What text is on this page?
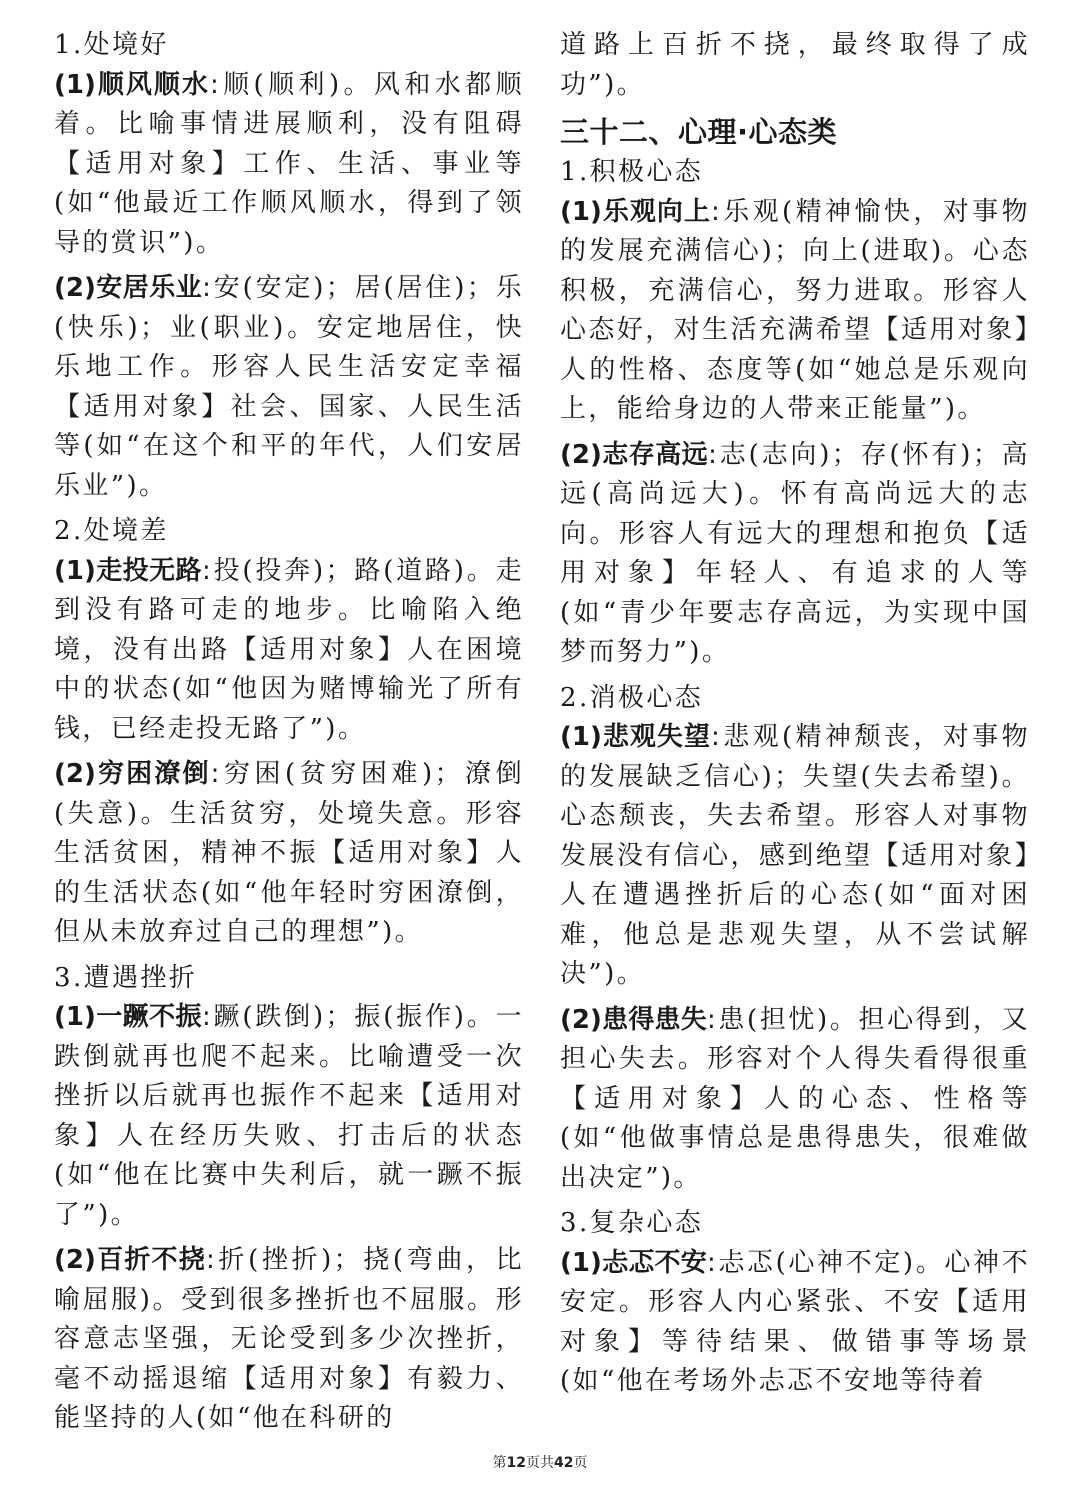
1.处境好

(1)顺风顺水:顺(顺利)。风和水都顺着。比喻事情进展顺利，没有阻碍【适用对象】工作、生活、事业等(如“他最近工作顺风顺水，得到了领导的赏识”)。

(2)安居乐业:安(安定)；居(居住)；乐(快乐)；业(职业)。安定地居住，快乐地工作。形容人民生活安定幸福【适用对象】社会、国家、人民生活等(如“在这个和平的年代，人们安居乐业”)。

2.处境差

(1)走投无路:投(投奔)；路(道路)。走到没有路可走的地步。比喻陷入绝境，没有出路【适用对象】人在困境中的状态(如“他因为赌博输光了所有钱，已经走投无路了”)。

(2)穷困潦倒:穷困(贫穷困难)；潦倒(失意)。生活贫穷，处境失意。形容生活贫困，精神不振【适用对象】人的生活状态(如“他年轻时穷困潦倒，但从未放弃过自己的理想”)。

3.遭遇挫折

(1)一蹶不振:蹶(跌倒)；振(振作)。一跌倒就再也爬不起来。比喻遭受一次挫折以后就再也振作不起来【适用对象】人在经历失败、打击后的状态(如“他在比赛中失利后，就一蹶不振了”)。

(2)百折不挠:折(挫折)；挠(弯曲，比喻屈服)。受到很多挫折也不屈服。形容意志坚强，无论受到多少次挫折，毫不动摇退缩【适用对象】有毅力、能坚持的人(如“他在科研的

道路上百折不挠，最终取得了成功”)。

三十二、心理·心态类

1.积极心态

(1)乐观向上:乐观(精神愉快，对事物的发展充满信心)；向上(进取)。心态积极，充满信心，努力进取。形容人心态好，对生活充满希望【适用对象】人的性格、态度等(如“她总是乐观向上，能给身边的人带来正能量”)。

(2)志存高远:志(志向)；存(怀有)；高远(高尚远大)。怀有高尚远大的志向。形容人有远大的理想和抱负【适用对象】年轻人、有追求的人等(如“青少年要志存高远，为实现中国梦而努力”)。

2.消极心态

(1)悲观失望:悲观(精神颓丧，对事物的发展缺乏信心)；失望(失去希望)。心态颓丧，失去希望。形容人对事物发展没有信心，感到绝望【适用对象】人在遭遇挫折后的心态(如“面对困难，他总是悲观失望，从不尝试解决”)。

(2)患得患失:患(担忧)。担心得到，又担心失去。形容对个人得失看得很重【适用对象】人的心态、性格等(如“他做事情总是患得患失，很难做出决定”)。

3.复杂心态

(1)忐忑不安:忐忑(心神不定)。心神不安定。形容人内心紧张、不安【适用对象】等待结果、做错事等场景(如“他在考场外忐忑不安地等待着

第12页共42页
